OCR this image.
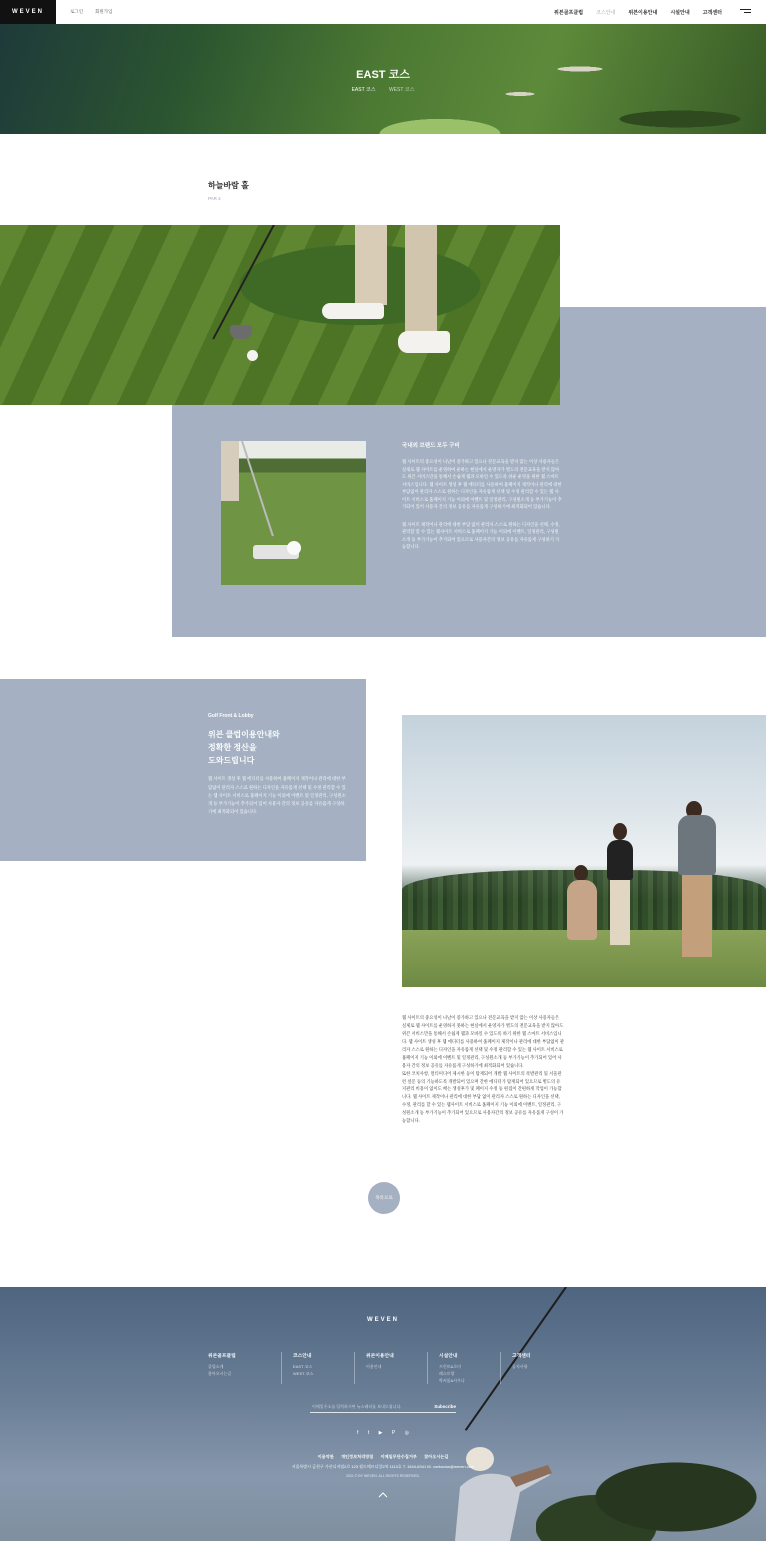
WEVEN	로그인	회원가입	위븐골프클럽	코스안내	위븐이용안내	시설안내	고객센터
EAST 코스
EAST 코스	WEST 코스
하늘바람 홀
PAR 4
국내외 브랜드 모두 구비

웹 사이트의 중요성이 나날이 증가하고 있으나 전문교육을 받지 않는 이상 사용자들은 실제로 웹 사이트를 운영하여 운하는 현실에서 운영자가 별도의 전문교육을 받지 않아도 위븐 서비스만을 통해서 손쉽게 웹과 모바일 수 있도록 쉬운 운영을 위한 웹 스마트 서비스입니다. 웹 사이트 생성 후 웹 에디터를 사용하여 홈페이지 제작이나 관리에 대한 부담없이 관리자 스스로 원하는 디자인을 자유롭게 선택 및 수정 관리할 수 있는 웹 사이트 서비스로 홈페이지 기능 이외에 이벤트 및 일정관리, 구성원소개 등 부가기능이 추가되어 있어 사용자 간의 정보 공유를 자유롭게 구성하기에 최적화되어 있습니다.

웹 사이트 제작이나 관리에 대한 부담 없이 관리자 스스로 원하는 디자인을 선택, 수정, 관리할 할 수 있는 웹사이트 서비스로 홈페이지 기능 이외에 이벤트, 일정관리, 구성원소개 등 부가기능이 추가되어 있으므로 사용자간의 정보 공유를 자유롭게 구성하기 가능합니다.

Golf Front & Lobby
위븐 클럽이용안내와
정확한 정산을
도와드립니다

웹 사이트 생성 후 웹 에디터를 사용하여 홈페이지 제작이나 관리에 대한 부담없이 관리자 스스로 원하는 디자인을 자유롭게 선택 및 수정 관리할 수 있는 웹 사이트 서비스로 홈페이지 기능 이외에 이벤트 및 일정관리, 구성원소개 등 부가기능이 추가되어 있어 사용자 간의 정보 공유를 자유롭게 구성하기에 최적화되어 있습니다.

웹 사이트의 중요성이 나날이 증가하고 있으나 전문교육을 받지 않는 이상 사용자들은 실제로 웹 사이트를 운영하지 못하는 현실에서 운영자가 별도의 전문교육을 받지 않아도 위븐 서비스만을 통해서 손쉽게 웹과 모바일 수 있도록 하기 위한 웹 스마트 서비스입니다. 웹 사이트 생성 후 웹 에디터를 사용하여 홈페이지 제작이나 관리에 대한 부담없이 관리자 스스로 원하는 디자인을 자유롭게 선택 및 수정 관리할 수 있는 웹 사이트 서비스로 홈페이지 기능 이외에 이벤트 및 일정관리, 구성원소개 등 부가기능이 추가되어 있어 사용자 간의 정보 공유를 자유롭게 구성하기에 최적화되어 있습니다.

또한 코치사항, 멀티미디어 제시한 등이 탑재되어 개발 웹 사이트의 폭발관리 및 서울관련 설문 등의 기능하도록 개발되어 있으며 간한 에디터가 탑재되어 있으므로 별도의 유지관리 비용이 없이도 배는 생성후가 및 페이지 수정 등 편집이 간편하게 작업이 가능합니다. 웹 사이트 제작이나 관리에 대한 부담 없이 관리자 스스로 원하는 디자인을 선택, 수정, 관리를 할 수 있는 웹사이트 서비스로 홈페이지 기능 이외에 이벤트, 일정관리, 구성원소개 등 부가기능이 추가되어 있으므로 사용자간의 정보 공유를 자유롭게 구성이 가능합니다.

목록으로
WEVEN
위븐골프클럽
클럽소개
찾아오시는길
코스안내
EAST 코스
WEST 코스
위븐이용안내
이용안내
시설안내
프런트&로비
레스토랑
락커룸&사우나
고객센터
공지사항
이메일주소를 입력하시면 뉴스레터를 보내드립니다.	Subscribe
f t ▶ P ◎
이용약관 개인정보처리방침 이메일무단수집거부 찾아오시는길
서울특별시 금천구 가산디지털2로 123 월드메르디앙2차 1113호 T. 1544-6341 M. contactus@weven.com
2021 © BY WEVEN. ALL RIGHTS RESERVED.
